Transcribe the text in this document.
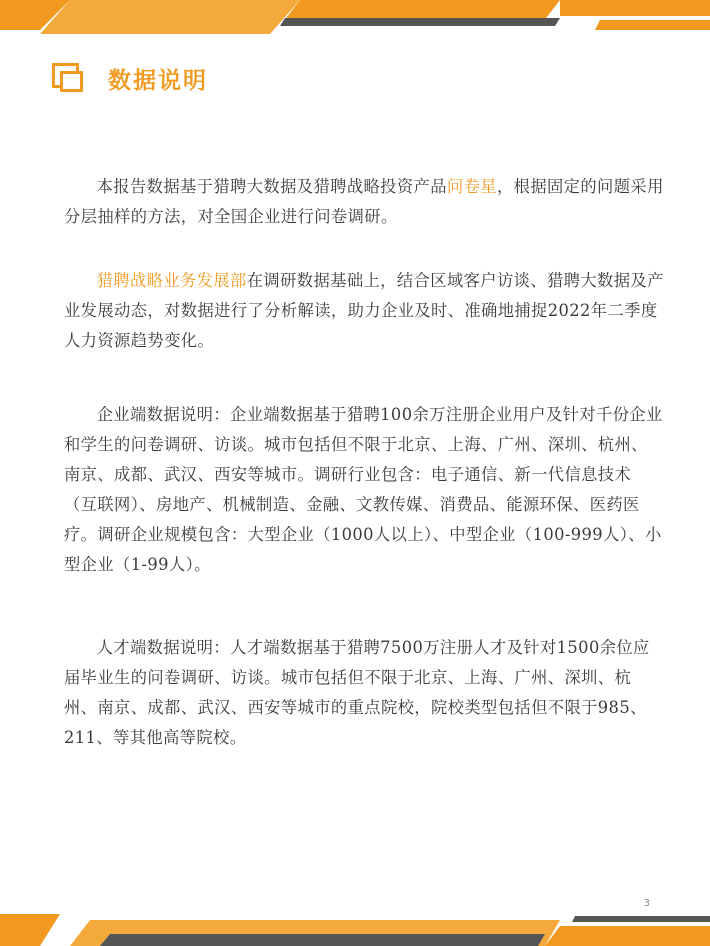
数据说明

本报告数据基于猎聘大数据及猎聘战略投资产品问卷星，根据固定的问题采用分层抽样的方法，对全国企业进行问卷调研。

猎聘战略业务发展部在调研数据基础上，结合区域客户访谈、猎聘大数据及产业发展动态，对数据进行了分析解读，助力企业及时、准确地捕捉2022年二季度人力资源趋势变化。

企业端数据说明：企业端数据基于猎聘100余万注册企业用户及针对千份企业和学生的问卷调研、访谈。城市包括但不限于北京、上海、广州、深圳、杭州、南京、成都、武汉、西安等城市。调研行业包含：电子通信、新一代信息技术（互联网）、房地产、机械制造、金融、文教传媒、消费品、能源环保、医药医疗。调研企业规模包含：大型企业（1000人以上）、中型企业（100-999人）、小型企业（1-99人）。

人才端数据说明：人才端数据基于猎聘7500万注册人才及针对1500余位应届毕业生的问卷调研、访谈。城市包括但不限于北京、上海、广州、深圳、杭州、南京、成都、武汉、西安等城市的重点院校，院校类型包括但不限于985、211、等其他高等院校。

3
